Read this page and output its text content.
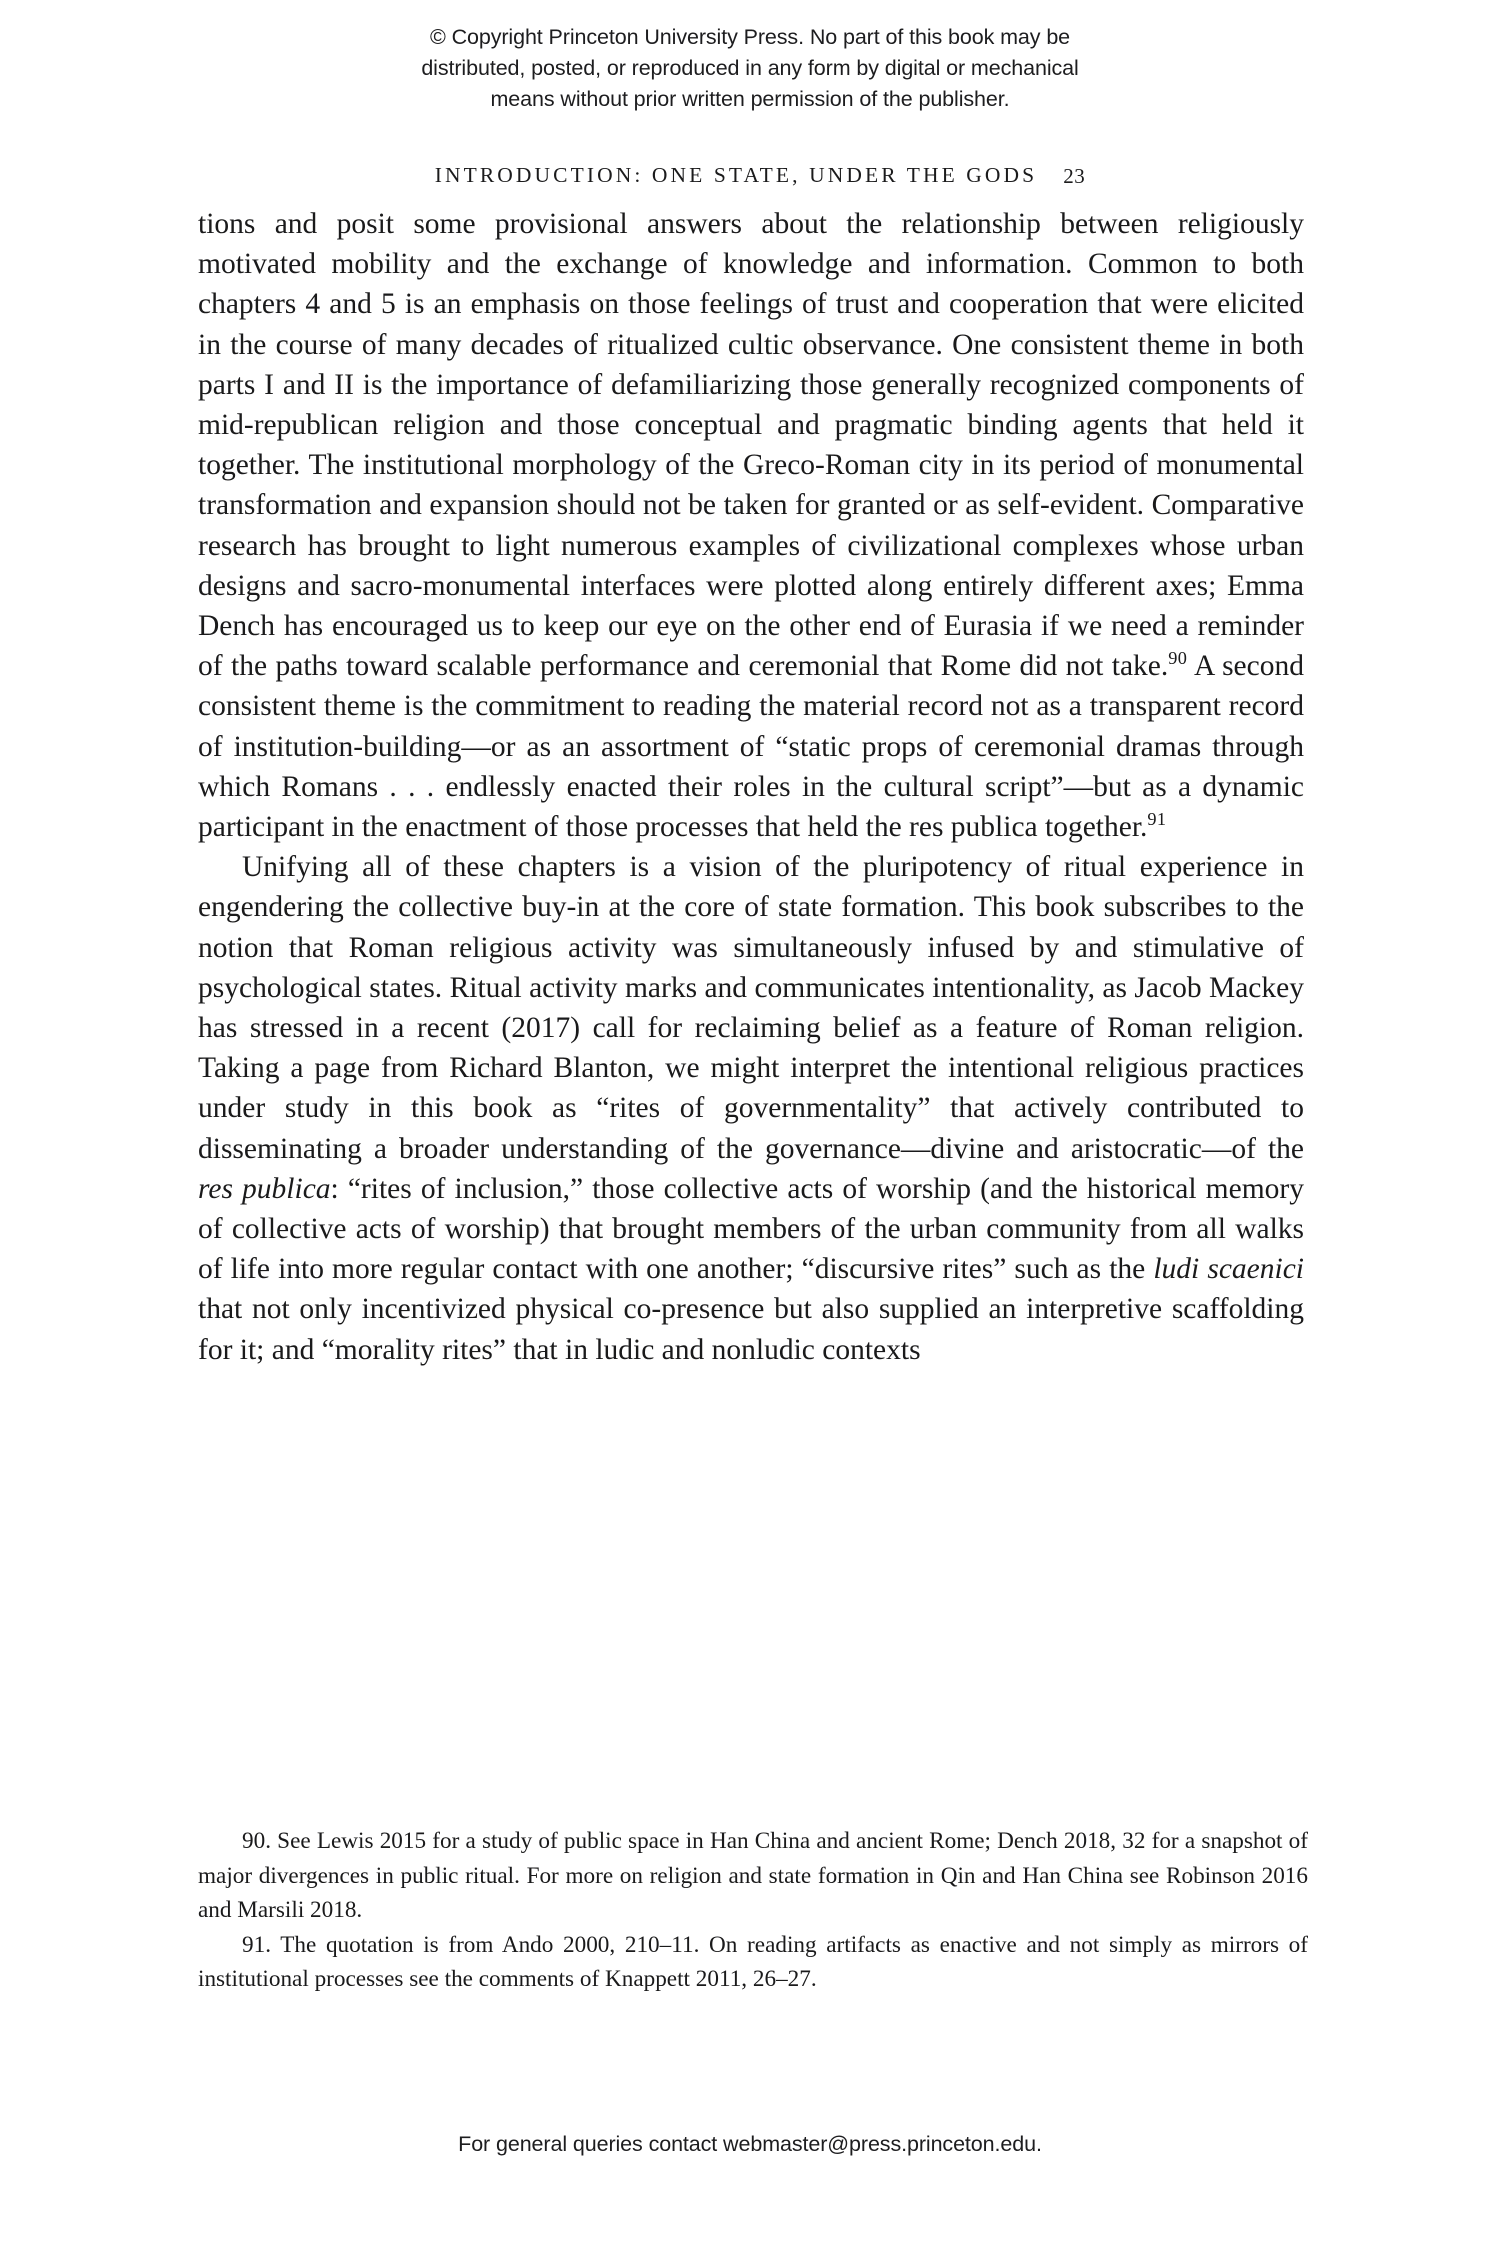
© Copyright Princeton University Press. No part of this book may be
distributed, posted, or reproduced in any form by digital or mechanical
means without prior written permission of the publisher.

INTRODUCTION: ONE STATE, UNDER THE GODS 23

tions and posit some provisional answers about the relationship between religiously motivated mobility and the exchange of knowledge and information. Common to both chapters 4 and 5 is an emphasis on those feelings of trust and cooperation that were elicited in the course of many decades of ritualized cultic observance. One consistent theme in both parts I and II is the importance of defamiliarizing those generally recognized components of mid-republican religion and those conceptual and pragmatic binding agents that held it together. The institutional morphology of the Greco-Roman city in its period of monumental transformation and expansion should not be taken for granted or as self-evident. Comparative research has brought to light numerous examples of civilizational complexes whose urban designs and sacro-monumental interfaces were plotted along entirely different axes; Emma Dench has encouraged us to keep our eye on the other end of Eurasia if we need a reminder of the paths toward scalable performance and ceremonial that Rome did not take.$^{90}$ A second consistent theme is the commitment to reading the material record not as a transparent record of institution-building—or as an assortment of “static props of ceremonial dramas through which Romans . . . endlessly enacted their roles in the cultural script”—but as a dynamic participant in the enactment of those processes that held the res publica together.$^{91}$

Unifying all of these chapters is a vision of the pluripotency of ritual experience in engendering the collective buy-in at the core of state formation. This book subscribes to the notion that Roman religious activity was simultaneously infused by and stimulative of psychological states. Ritual activity marks and communicates intentionality, as Jacob Mackey has stressed in a recent (2017) call for reclaiming belief as a feature of Roman religion. Taking a page from Richard Blanton, we might interpret the intentional religious practices under study in this book as “rites of governmentality” that actively contributed to disseminating a broader understanding of the governance—divine and aristocratic—of the res publica: “rites of inclusion,” those collective acts of worship (and the historical memory of collective acts of worship) that brought members of the urban community from all walks of life into more regular contact with one another; “discursive rites” such as the ludi scaenici that not only incentivized physical co-presence but also supplied an interpretive scaffolding for it; and “morality rites” that in ludic and nonludic contexts

90. See Lewis 2015 for a study of public space in Han China and ancient Rome; Dench 2018, 32 for a snapshot of major divergences in public ritual. For more on religion and state formation in Qin and Han China see Robinson 2016 and Marsili 2018.

91. The quotation is from Ando 2000, 210–11. On reading artifacts as enactive and not simply as mirrors of institutional processes see the comments of Knappett 2011, 26–27.

For general queries contact webmaster@press.princeton.edu.
